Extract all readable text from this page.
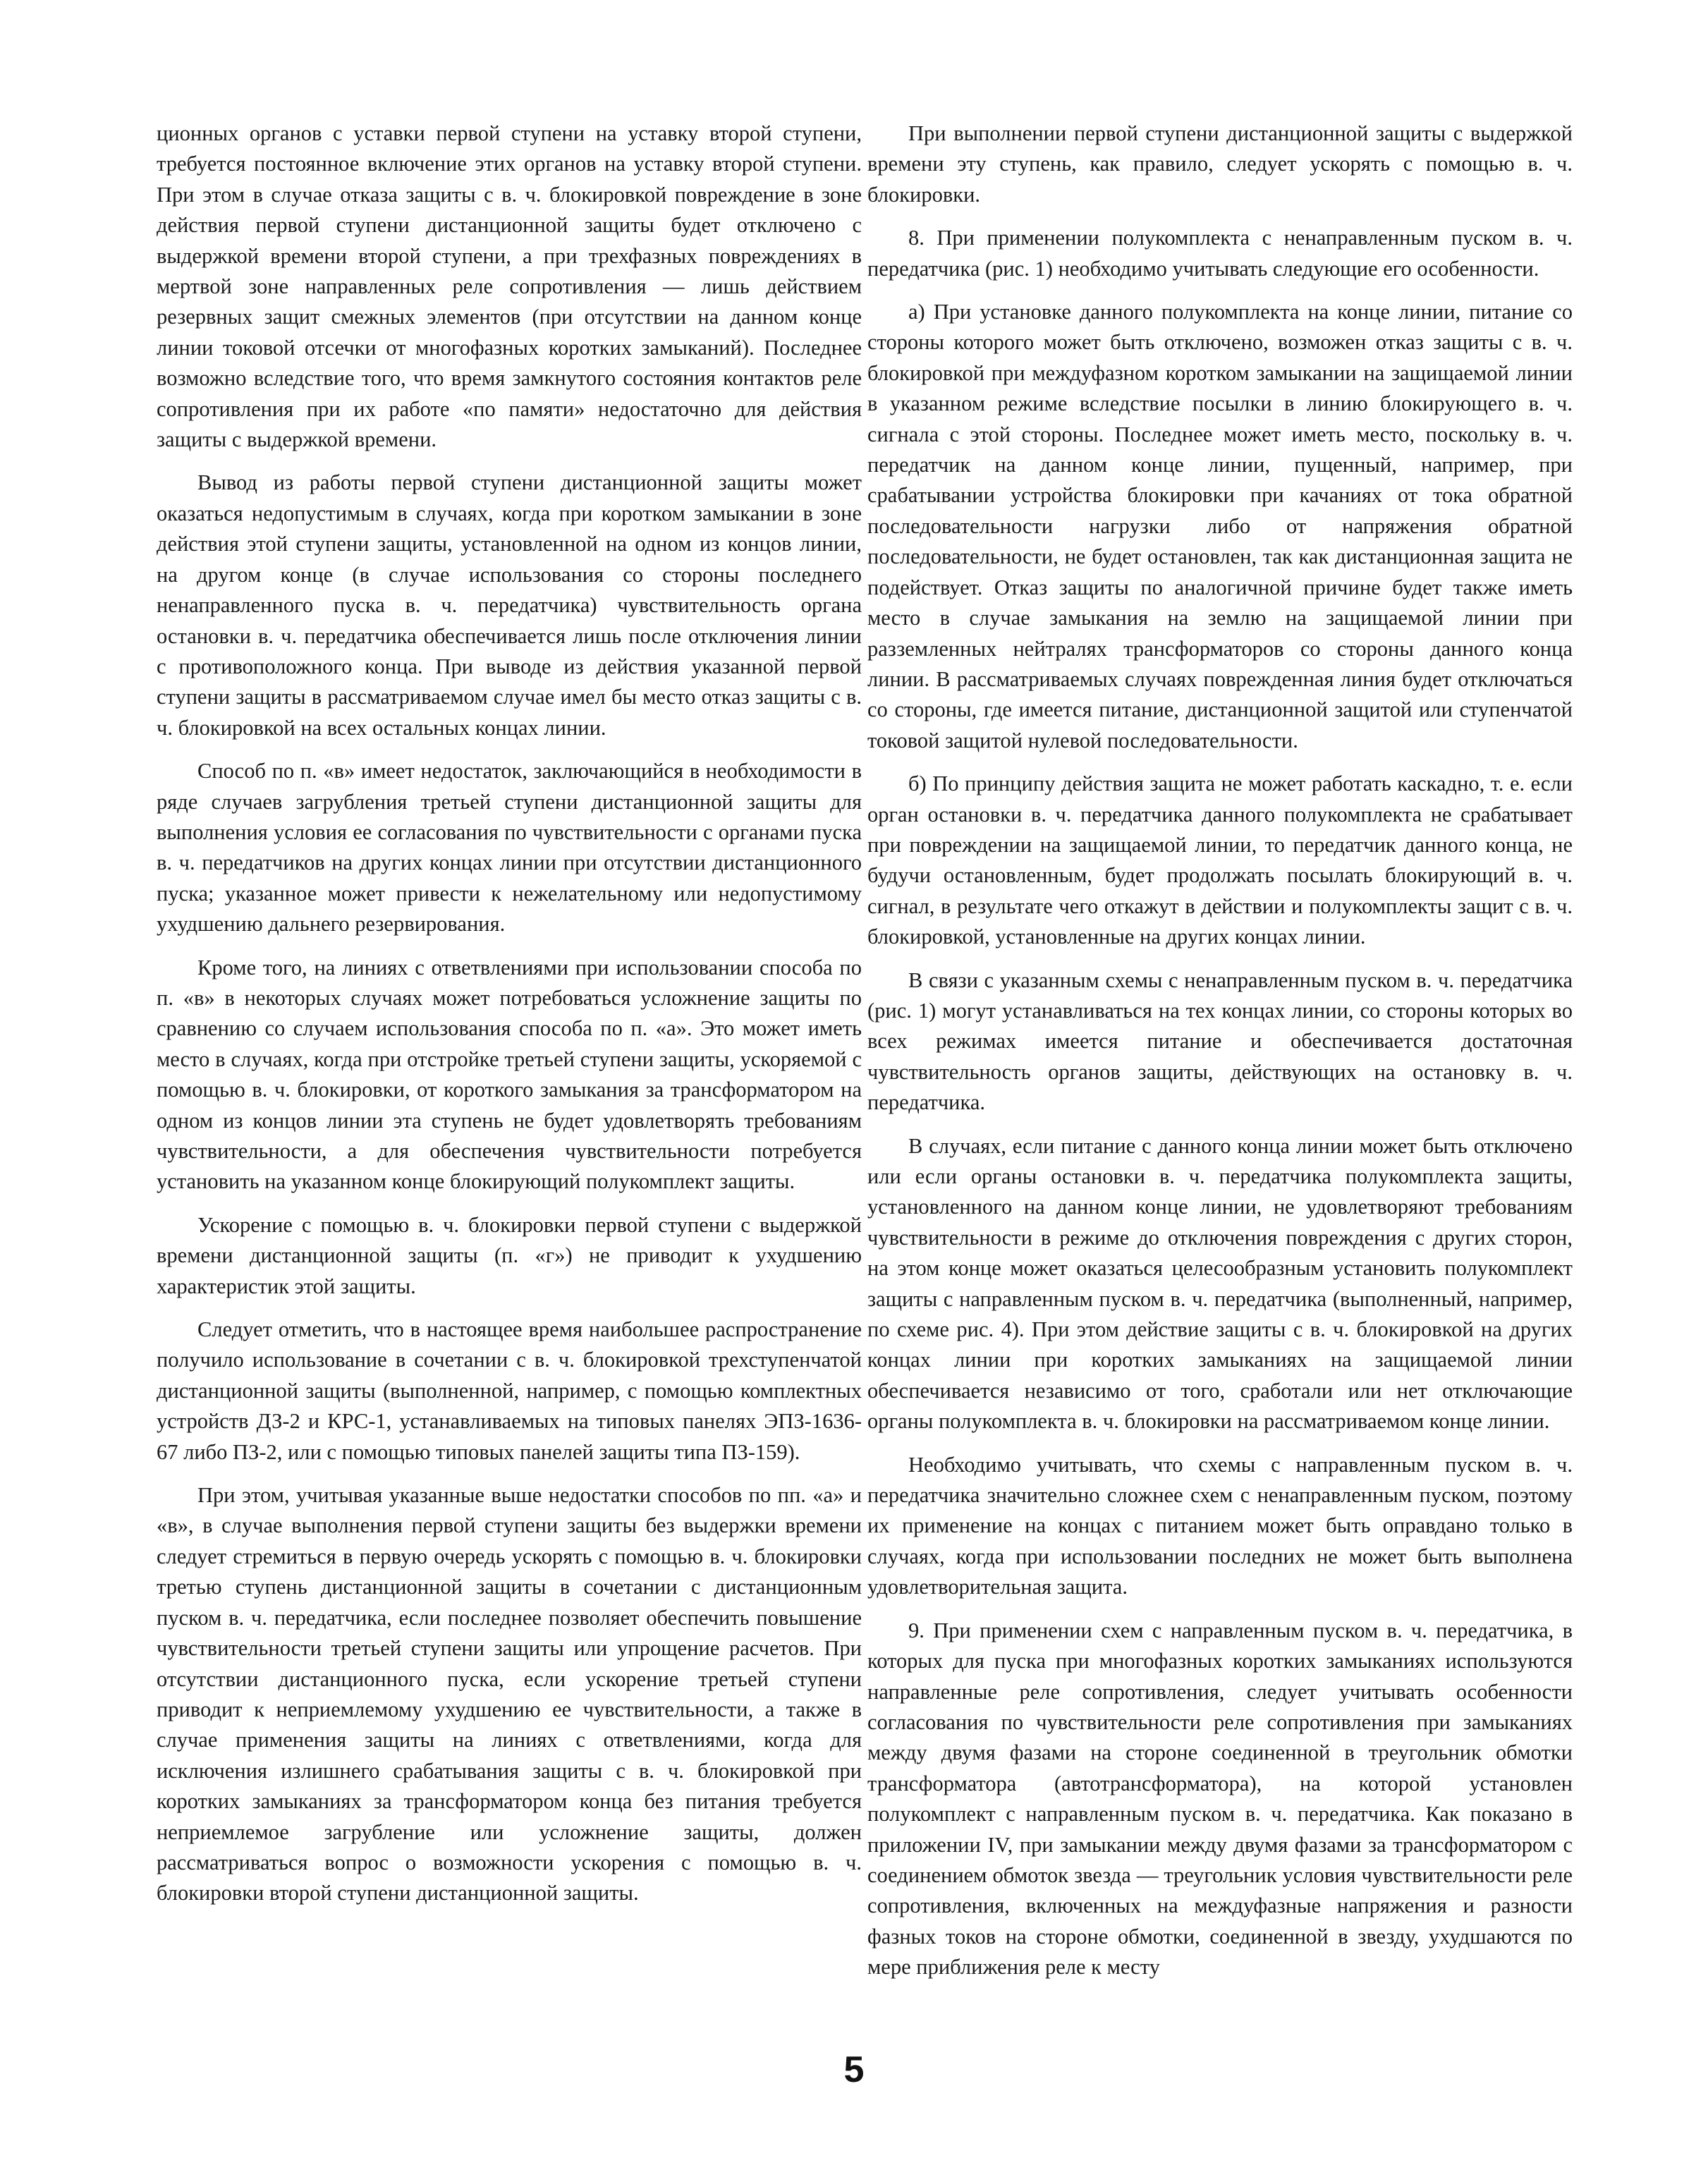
ционных органов с уставки первой ступени на уставку второй ступени, требуется постоянное включение этих органов на уставку второй ступени. При этом в случае отказа защиты с в. ч. блокировкой повреждение в зоне действия первой ступени дистанционной защиты будет отключено с выдержкой времени второй ступени, а при трехфазных повреждениях в мертвой зоне направленных реле сопротивления — лишь действием резервных защит смежных элементов (при отсутствии на данном конце линии токовой отсечки от многофазных коротких замыканий). Последнее возможно вследствие того, что время замкнутого состояния контактов реле сопротивления при их работе «по памяти» недостаточно для действия защиты с выдержкой времени.

Вывод из работы первой ступени дистанционной защиты может оказаться недопустимым в случаях, когда при коротком замыкании в зоне действия этой ступени защиты, установленной на одном из концов линии, на другом конце (в случае использования со стороны последнего ненаправленного пуска в. ч. передатчика) чувствительность органа остановки в. ч. передатчика обеспечивается лишь после отключения линии с противоположного конца. При выводе из действия указанной первой ступени защиты в рассматриваемом случае имел бы место отказ защиты с в. ч. блокировкой на всех остальных концах линии.

Способ по п. «в» имеет недостаток, заключающийся в необходимости в ряде случаев загрубления третьей ступени дистанционной защиты для выполнения условия ее согласования по чувствительности с органами пуска в. ч. передатчиков на других концах линии при отсутствии дистанционного пуска; указанное может привести к нежелательному или недопустимому ухудшению дальнего резервирования.

Кроме того, на линиях с ответвлениями при использовании способа по п. «в» в некоторых случаях может потребоваться усложнение защиты по сравнению со случаем использования способа по п. «а». Это может иметь место в случаях, когда при отстройке третьей ступени защиты, ускоряемой с помощью в. ч. блокировки, от короткого замыкания за трансформатором на одном из концов линии эта ступень не будет удовлетворять требованиям чувствительности, а для обеспечения чувствительности потребуется установить на указанном конце блокирующий полукомплект защиты.

Ускорение с помощью в. ч. блокировки первой ступени с выдержкой времени дистанционной защиты (п. «г») не приводит к ухудшению характеристик этой защиты.

Следует отметить, что в настоящее время наибольшее распространение получило использование в сочетании с в. ч. блокировкой трехступенчатой дистанционной защиты (выполненной, например, с помощью комплектных устройств ДЗ-2 и КРС-1, устанавливаемых на типовых панелях ЭПЗ-1636-67 либо ПЗ-2, или с помощью типовых панелей защиты типа ПЗ-159).

При этом, учитывая указанные выше недостатки способов по пп. «а» и «в», в случае выполнения первой ступени защиты без выдержки времени следует стремиться в первую очередь ускорять с помощью в. ч. блокировки третью ступень дистанционной защиты в сочетании с дистанционным пуском в. ч. передатчика, если последнее позволяет обеспечить повышение чувствительности третьей ступени защиты или упрощение расчетов. При отсутствии дистанционного пуска, если ускорение третьей ступени приводит к неприемлемому ухудшению ее чувствительности, а также в случае применения защиты на линиях с ответвлениями, когда для исключения излишнего срабатывания защиты с в. ч. блокировкой при коротких замыканиях за трансформатором конца без питания требуется неприемлемое загрубление или усложнение защиты, должен рассматриваться вопрос о возможности ускорения с помощью в. ч. блокировки второй ступени дистанционной защиты.

При выполнении первой ступени дистанционной защиты с выдержкой времени эту ступень, как правило, следует ускорять с помощью в. ч. блокировки.

8. При применении полукомплекта с ненаправленным пуском в. ч. передатчика (рис. 1) необходимо учитывать следующие его особенности.

а) При установке данного полукомплекта на конце линии, питание со стороны которого может быть отключено, возможен отказ защиты с в. ч. блокировкой при междуфазном коротком замыкании на защищаемой линии в указанном режиме вследствие посылки в линию блокирующего в. ч. сигнала с этой стороны. Последнее может иметь место, поскольку в. ч. передатчик на данном конце линии, пущенный, например, при срабатывании устройства блокировки при качаниях от тока обратной последовательности нагрузки либо от напряжения обратной последовательности, не будет остановлен, так как дистанционная защита не подействует. Отказ защиты по аналогичной причине будет также иметь место в случае замыкания на землю на защищаемой линии при разземленных нейтралях трансформаторов со стороны данного конца линии. В рассматриваемых случаях поврежденная линия будет отключаться со стороны, где имеется питание, дистанционной защитой или ступенчатой токовой защитой нулевой последовательности.

б) По принципу действия защита не может работать каскадно, т. е. если орган остановки в. ч. передатчика данного полукомплекта не срабатывает при повреждении на защищаемой линии, то передатчик данного конца, не будучи остановленным, будет продолжать посылать блокирующий в. ч. сигнал, в результате чего откажут в действии и полукомплекты защит с в. ч. блокировкой, установленные на других концах линии.

В связи с указанным схемы с ненаправленным пуском в. ч. передатчика (рис. 1) могут устанавливаться на тех концах линии, со стороны которых во всех режимах имеется питание и обеспечивается достаточная чувствительность органов защиты, действующих на остановку в. ч. передатчика.

В случаях, если питание с данного конца линии может быть отключено или если органы остановки в. ч. передатчика полукомплекта защиты, установленного на данном конце линии, не удовлетворяют требованиям чувствительности в режиме до отключения повреждения с других сторон, на этом конце может оказаться целесообразным установить полукомплект защиты с направленным пуском в. ч. передатчика (выполненный, например, по схеме рис. 4). При этом действие защиты с в. ч. блокировкой на других концах линии при коротких замыканиях на защищаемой линии обеспечивается независимо от того, сработали или нет отключающие органы полукомплекта в. ч. блокировки на рассматриваемом конце линии.

Необходимо учитывать, что схемы с направленным пуском в. ч. передатчика значительно сложнее схем с ненаправленным пуском, поэтому их применение на концах с питанием может быть оправдано только в случаях, когда при использовании последних не может быть выполнена удовлетворительная защита.

9. При применении схем с направленным пуском в. ч. передатчика, в которых для пуска при многофазных коротких замыканиях используются направленные реле сопротивления, следует учитывать особенности согласования по чувствительности реле сопротивления при замыканиях между двумя фазами на стороне соединенной в треугольник обмотки трансформатора (автотрансформатора), на которой установлен полукомплект с направленным пуском в. ч. передатчика. Как показано в приложении IV, при замыкании между двумя фазами за трансформатором с соединением обмоток звезда — треугольник условия чувствительности реле сопротивления, включенных на междуфазные напряжения и разности фазных токов на стороне обмотки, соединенной в звезду, ухудшаются по мере приближения реле к месту

5
